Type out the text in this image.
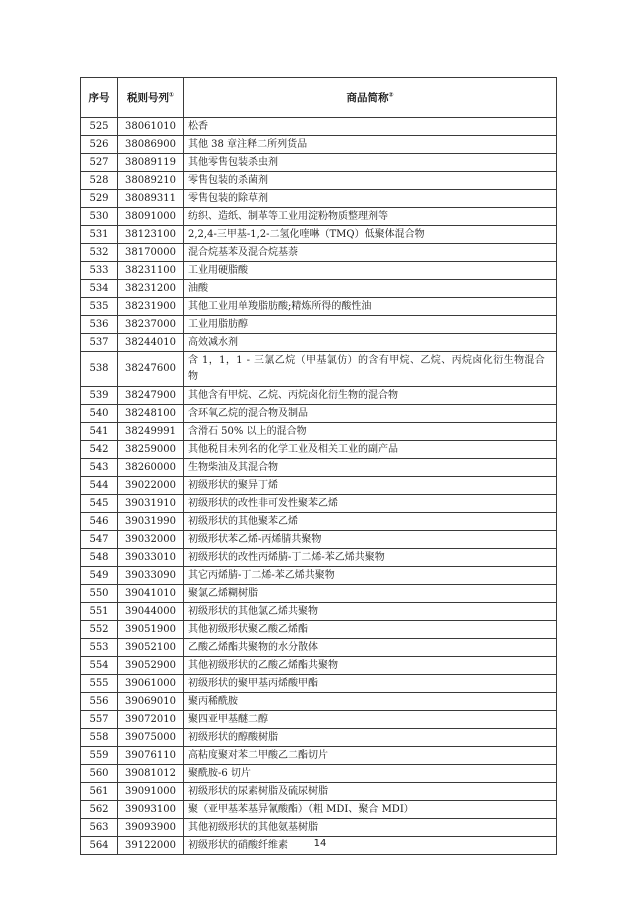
序号	税则号列①	商品简称②
525	38061010	松香
526	38086900	其他 38 章注释二所列货品
527	38089119	其他零售包装杀虫剂
528	38089210	零售包装的杀菌剂
529	38089311	零售包装的除草剂
530	38091000	纺织、造纸、制革等工业用淀粉物质整理剂等
531	38123100	2,2,4-三甲基-1,2-二氢化喹啉（TMQ）低聚体混合物
532	38170000	混合烷基苯及混合烷基萘
533	38231100	工业用硬脂酸
534	38231200	油酸
535	38231900	其他工业用单羧脂肪酸;精炼所得的酸性油
536	38237000	工业用脂肪醇
537	38244010	高效减水剂
538	38247600	含 1，1，1 - 三氯乙烷（甲基氯仿）的含有甲烷、乙烷、丙烷卤化衍生物混合物
539	38247900	其他含有甲烷、乙烷、丙烷卤化衍生物的混合物
540	38248100	含环氧乙烷的混合物及制品
541	38249991	含滑石 50% 以上的混合物
542	38259000	其他税目未列名的化学工业及相关工业的副产品
543	38260000	生物柴油及其混合物
544	39022000	初级形状的聚异丁烯
545	39031910	初级形状的改性非可发性聚苯乙烯
546	39031990	初级形状的其他聚苯乙烯
547	39032000	初级形状苯乙烯-丙烯腈共聚物
548	39033010	初级形状的改性丙烯腈-丁二烯-苯乙烯共聚物
549	39033090	其它丙烯腈-丁二烯-苯乙烯共聚物
550	39041010	聚氯乙烯糊树脂
551	39044000	初级形状的其他氯乙烯共聚物
552	39051900	其他初级形状聚乙酸乙烯酯
553	39052100	乙酸乙烯酯共聚物的水分散体
554	39052900	其他初级形状的乙酸乙烯酯共聚物
555	39061000	初级形状的聚甲基丙烯酸甲酯
556	39069010	聚丙稀酰胺
557	39072010	聚四亚甲基醚二醇
558	39075000	初级形状的醇酸树脂
559	39076110	高粘度聚对苯二甲酸乙二酯切片
560	39081012	聚酰胺-6 切片
561	39091000	初级形状的尿素树脂及硫尿树脂
562	39093100	聚（亚甲基苯基异氰酸酯）（粗 MDI、聚合 MDI）
563	39093900	其他初级形状的其他氨基树脂
564	39122000	初级形状的硝酸纤维素	14
